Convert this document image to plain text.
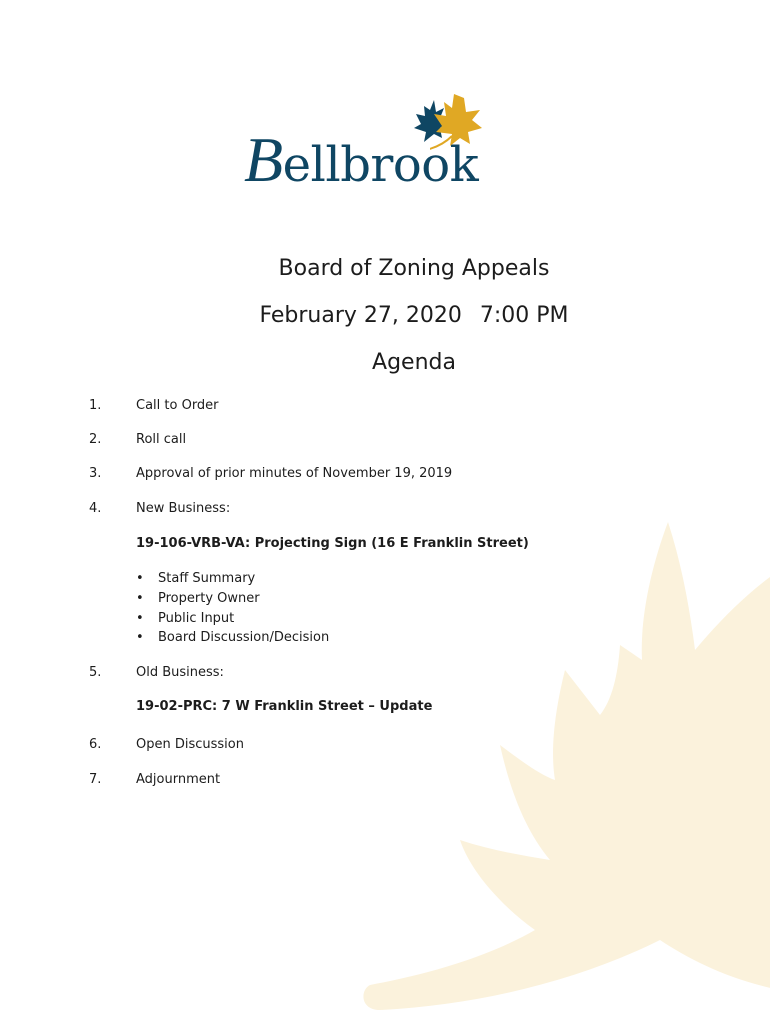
Bellbrook
Board of Zoning Appeals
February 27, 2020 7:00 PM
Agenda
1.	Call to Order
2.	Roll call
3.	Approval of prior minutes of November 19, 2019
4.	New Business:
19-106-VRB-VA: Projecting Sign (16 E Franklin Street)
• Staff Summary
• Property Owner
• Public Input
• Board Discussion/Decision
5.	Old Business:
19-02-PRC: 7 W Franklin Street – Update
6.	Open Discussion
7.	Adjournment
